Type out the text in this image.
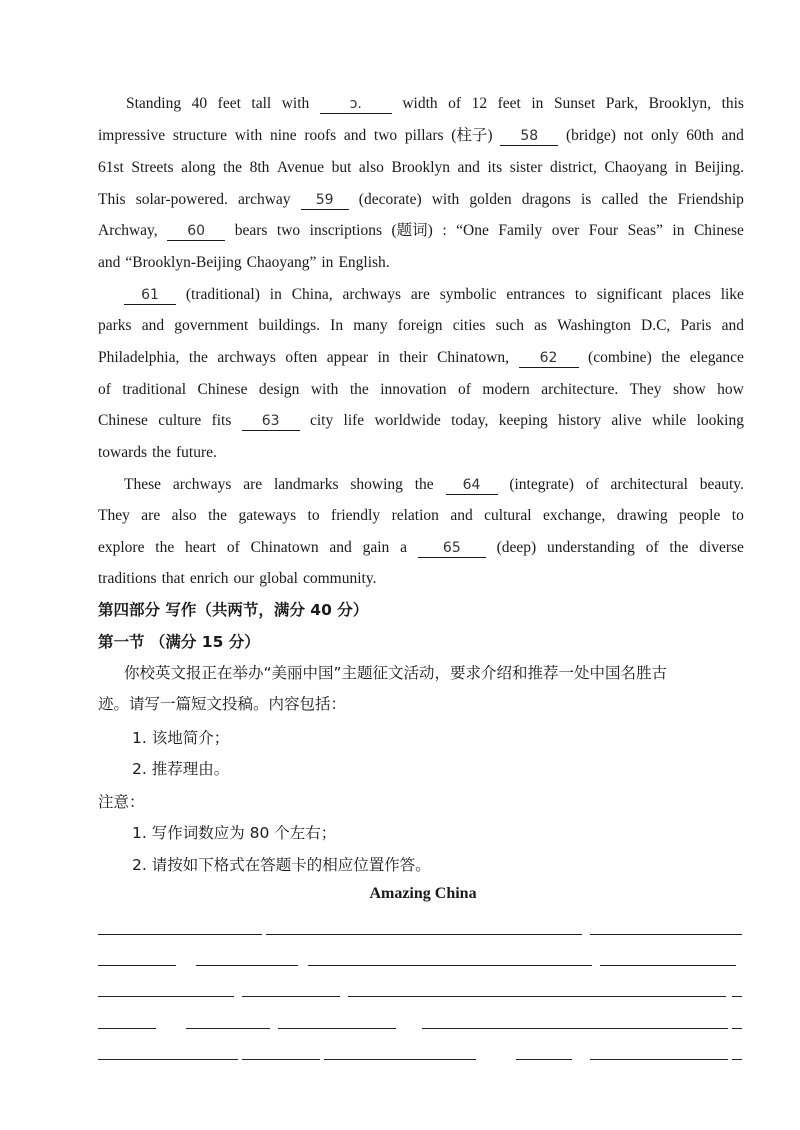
Standing 40 feet tall with	ɔ.	width of 12 feet in Sunset Park, Brooklyn, this
impressive structure with nine roofs and two pillars (柱子)	58	(bridge) not only 60th and
61st Streets along the 8th Avenue but also Brooklyn and its sister district, Chaoyang in Beijing.
This solar-powered. archway	59	(decorate) with golden dragons is called the Friendship
Archway,	60	bears two inscriptions (题词) : “One Family over Four Seas” in Chinese
and “Brooklyn-Beijing Chaoyang” in English.
61	(traditional) in China, archways are symbolic entrances to significant places like
parks and government buildings. In many foreign cities such as Washington D.C, Paris and
Philadelphia, the archways often appear in their Chinatown,	62	(combine) the elegance
of traditional Chinese design with the innovation of modern architecture. They show how
Chinese culture fits	63	city life worldwide today, keeping history alive while looking
towards the future.
These archways are landmarks showing the	64	(integrate) of architectural beauty.
They are also the gateways to friendly relation and cultural exchange, drawing people to
explore the heart of Chinatown and gain a	65	(deep) understanding of the diverse
traditions that enrich our global community.
第四部分 写作（共两节，满分 40 分）
第一节 （满分 15 分）
你校英文报正在举办“美丽中国”主题征文活动，要求介绍和推荐一处中国名胜古
迹。请写一篇短文投稿。内容包括：
1. 该地简介；
2. 推荐理由。
注意：
1. 写作词数应为 80 个左右；
2. 请按如下格式在答题卡的相应位置作答。
Amazing China
